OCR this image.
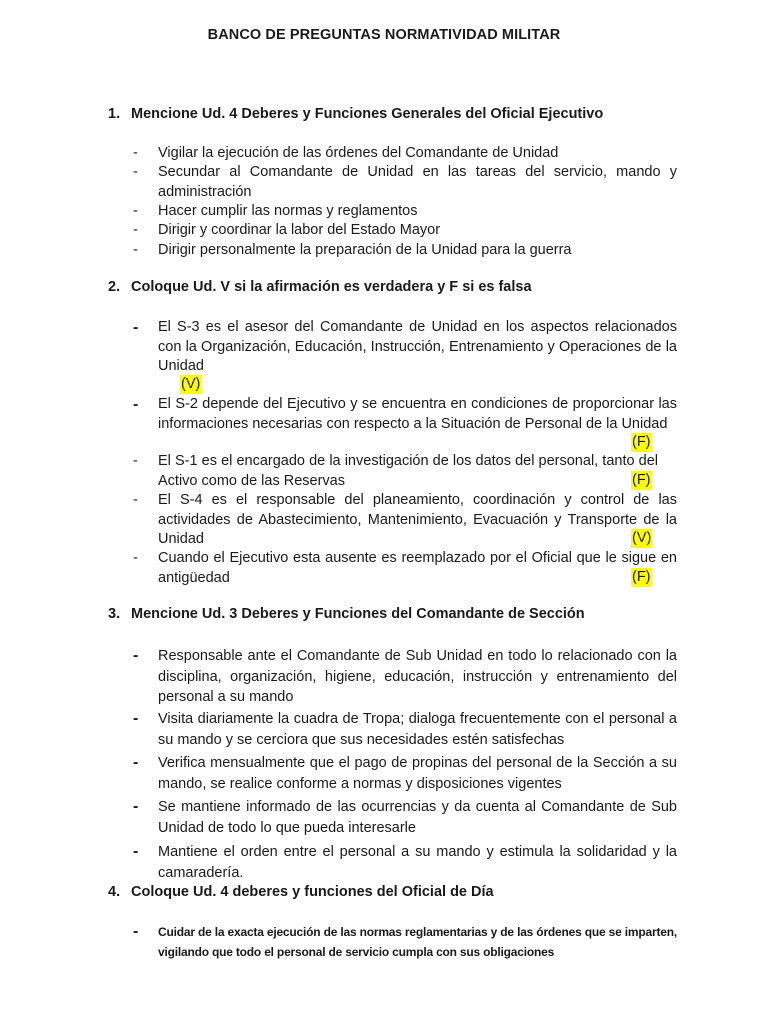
BANCO DE PREGUNTAS NORMATIVIDAD MILITAR
1. Mencione Ud. 4 Deberes y Funciones Generales del Oficial Ejecutivo
- Vigilar la ejecución de las órdenes del Comandante de Unidad
- Secundar al Comandante de Unidad en las tareas del servicio, mando y administración
- Hacer cumplir las normas y reglamentos
- Dirigir y coordinar la labor del Estado Mayor
- Dirigir personalmente la preparación de la Unidad para la guerra
2. Coloque Ud. V si la afirmación es verdadera y F si es falsa
- El S-3 es el asesor del Comandante de Unidad en los aspectos relacionados con la Organización, Educación, Instrucción, Entrenamiento y Operaciones de la Unidad
(V)
- El S-2 depende del Ejecutivo y se encuentra en condiciones de proporcionar las informaciones necesarias con respecto a la Situación de Personal de la Unidad
(F)
- El S-1 es el encargado de la investigación de los datos del personal, tanto del Activo como de las Reservas	(F)
- El S-4 es el responsable del planeamiento, coordinación y control de las actividades de Abastecimiento, Mantenimiento, Evacuación y Transporte de la Unidad	(V)
- Cuando el Ejecutivo esta ausente es reemplazado por el Oficial que le sigue en antigüedad	(F)
3. Mencione Ud. 3 Deberes y Funciones del Comandante de Sección
- Responsable ante el Comandante de Sub Unidad en todo lo relacionado con la disciplina, organización, higiene, educación, instrucción y entrenamiento del personal a su mando
- Visita diariamente la cuadra de Tropa; dialoga frecuentemente con el personal a su mando y se cerciora que sus necesidades estén satisfechas
- Verifica mensualmente que el pago de propinas del personal de la Sección a su mando, se realice conforme a normas y disposiciones vigentes
- Se mantiene informado de las ocurrencias y da cuenta al Comandante de Sub Unidad de todo lo que pueda interesarle
- Mantiene el orden entre el personal a su mando y estimula la solidaridad y la camaradería.
4. Coloque Ud. 4 deberes y funciones del Oficial de Día
- Cuidar de la exacta ejecución de las normas reglamentarias y de las órdenes que se imparten, vigilando que todo el personal de servicio cumpla con sus obligaciones
